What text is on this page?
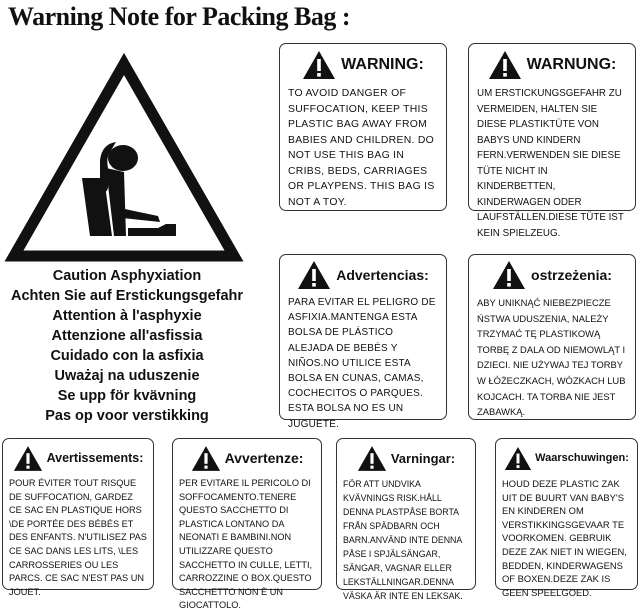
Warning Note for Packing Bag :
Caution Asphyxiation
Achten Sie auf Erstickungsgefahr
Attention à l'asphyxie
Attenzione all'asfissia
Cuidado con la asfixia
Uważaj na uduszenie
Se upp för kvävning
Pas op voor verstikking
WARNING:
TO AVOID DANGER OF SUFFOCATION, KEEP THIS PLASTIC BAG AWAY FROM BABIES AND CHILDREN. DO NOT USE THIS BAG IN CRIBS, BEDS, CARRIAGES OR PLAYPENS. THIS BAG IS NOT A TOY.
WARNUNG:
UM ERSTICKUNGSGEFAHR ZU VERMEIDEN, HALTEN SIE DIESE PLASTIKTÜTE VON BABYS UND KINDERN FERN.VERWENDEN SIE DIESE TÜTE NICHT IN KINDERBETTEN, KINDERWAGEN ODER LAUFSTÄLLEN.DIESE TÜTE IST KEIN SPIELZEUG.
Advertencias:
PARA EVITAR EL PELIGRO DE ASFIXIA.MANTENGA ESTA BOLSA DE PLÁSTICO ALEJADA DE BEBÉS Y NIÑOS.NO UTILICE ESTA BOLSA EN CUNAS, CAMAS, COCHECITOS O PARQUES. ESTA BOLSA NO ES UN JUGUETE.
ostrzeżenia:
ABY UNIKNĄĆ NIEBEZPIECZE ŃSTWA UDUSZENIA, NALEŻY TRZYMAĆ TĘ PLASTIKOWĄ TORBĘ Z DALA OD NIEMOWLĄT I DZIECI. NIE UŻYWAJ TEJ TORBY W ŁÓŻECZKACH, WÓZKACH LUB KOJCACH. TA TORBA NIE JEST ZABAWKĄ.
Avertissements:
POUR ÉVITER TOUT RISQUE DE SUFFOCATION, GARDEZ CE SAC EN PLASTIQUE HORS \DE PORTÉE DES BÉBÉS ET DES ENFANTS. N'UTILISEZ PAS CE SAC DANS LES LITS, \LES CARROSSERIES OU LES PARCS. CE SAC N'EST PAS UN JOUET.
Avvertenze:
PER EVITARE IL PERICOLO DI SOFFOCAMENTO.TENERE QUESTO SACCHETTO DI PLASTICA LONTANO DA NEONATI E BAMBINI.NON UTILIZZARE QUESTO SACCHETTO IN CULLE, LETTI, CARROZZINE O BOX.QUESTO SACCHETTO NON È UN GIOCATTOLO.
Varningar:
FÖR ATT UNDVIKA KVÄVNINGS RISK.HÅLL DENNA PLASTPÅSE BORTA FRÅN SPÄDBARN OCH BARN.ANVÄND INTE DENNA PÅSE I SPJÄLSÄNGAR, SÄNGAR, VAGNAR ELLER LEKSTÄLLNINGAR.DENNA VÄSKA ÄR INTE EN LEKSAK.
Waarschuwingen:
HOUD DEZE PLASTIC ZAK UIT DE BUURT VAN BABY'S EN KINDEREN OM VERSTIKKINGSGEVAAR TE VOORKOMEN. GEBRUIK DEZE ZAK NIET IN WIEGEN, BEDDEN, KINDERWAGENS OF BOXEN.DEZE ZAK IS GEEN SPEELGOED.
